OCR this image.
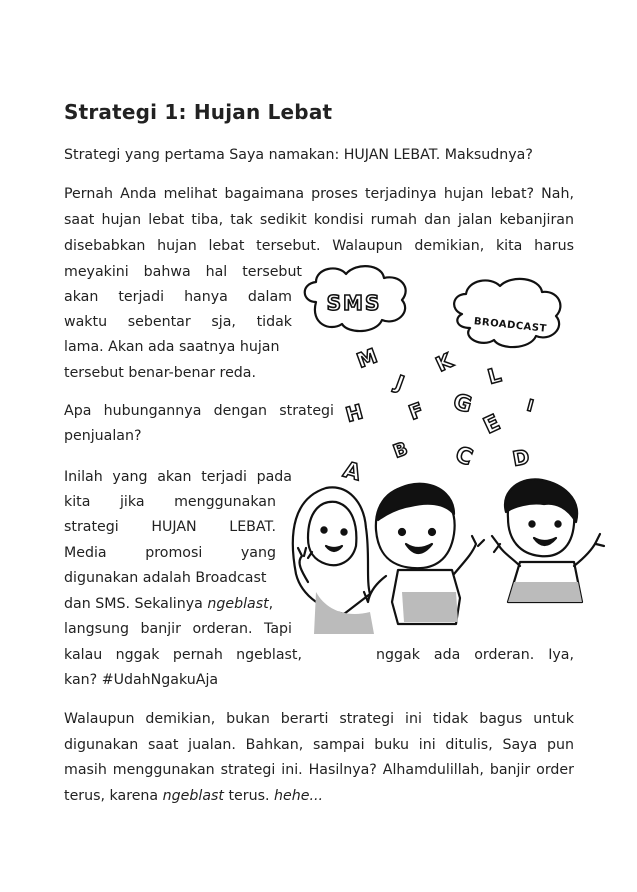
Strategi 1: Hujan Lebat
Strategi yang pertama Saya namakan: HUJAN LEBAT. Maksudnya?
Pernah Anda melihat bagaimana proses terjadinya hujan lebat? Nah,
saat hujan lebat tiba, tak sedikit kondisi rumah dan jalan kebanjiran
disebabkan hujan lebat tersebut. Walaupun demikian, kita harus
meyakini bahwa hal tersebut
akan terjadi hanya dalam
waktu sebentar sja, tidak
lama. Akan ada saatnya hujan
tersebut benar-benar reda.
Apa hubungannya dengan strategi
penjualan?
Inilah yang akan terjadi pada
kita jika menggunakan
strategi HUJAN LEBAT.
Media promosi yang
digunakan adalah Broadcast
dan SMS. Sekalinya ngeblast,
langsung banjir orderan. Tapi
kalau nggak pernah ngeblast,	nggak ada orderan. Iya,
kan? #UdahNgakuAja
Walaupun demikian, bukan berarti strategi ini tidak bagus untuk
digunakan saat jualan. Bahkan, sampai buku ini ditulis, Saya pun
masih menggunakan strategi ini. Hasilnya? Alhamdulillah, banjir order
terus, karena ngeblast terus. hehe...
SMS
BROADCAST
M
J
K L
H F G	I
B
E
A
C D
